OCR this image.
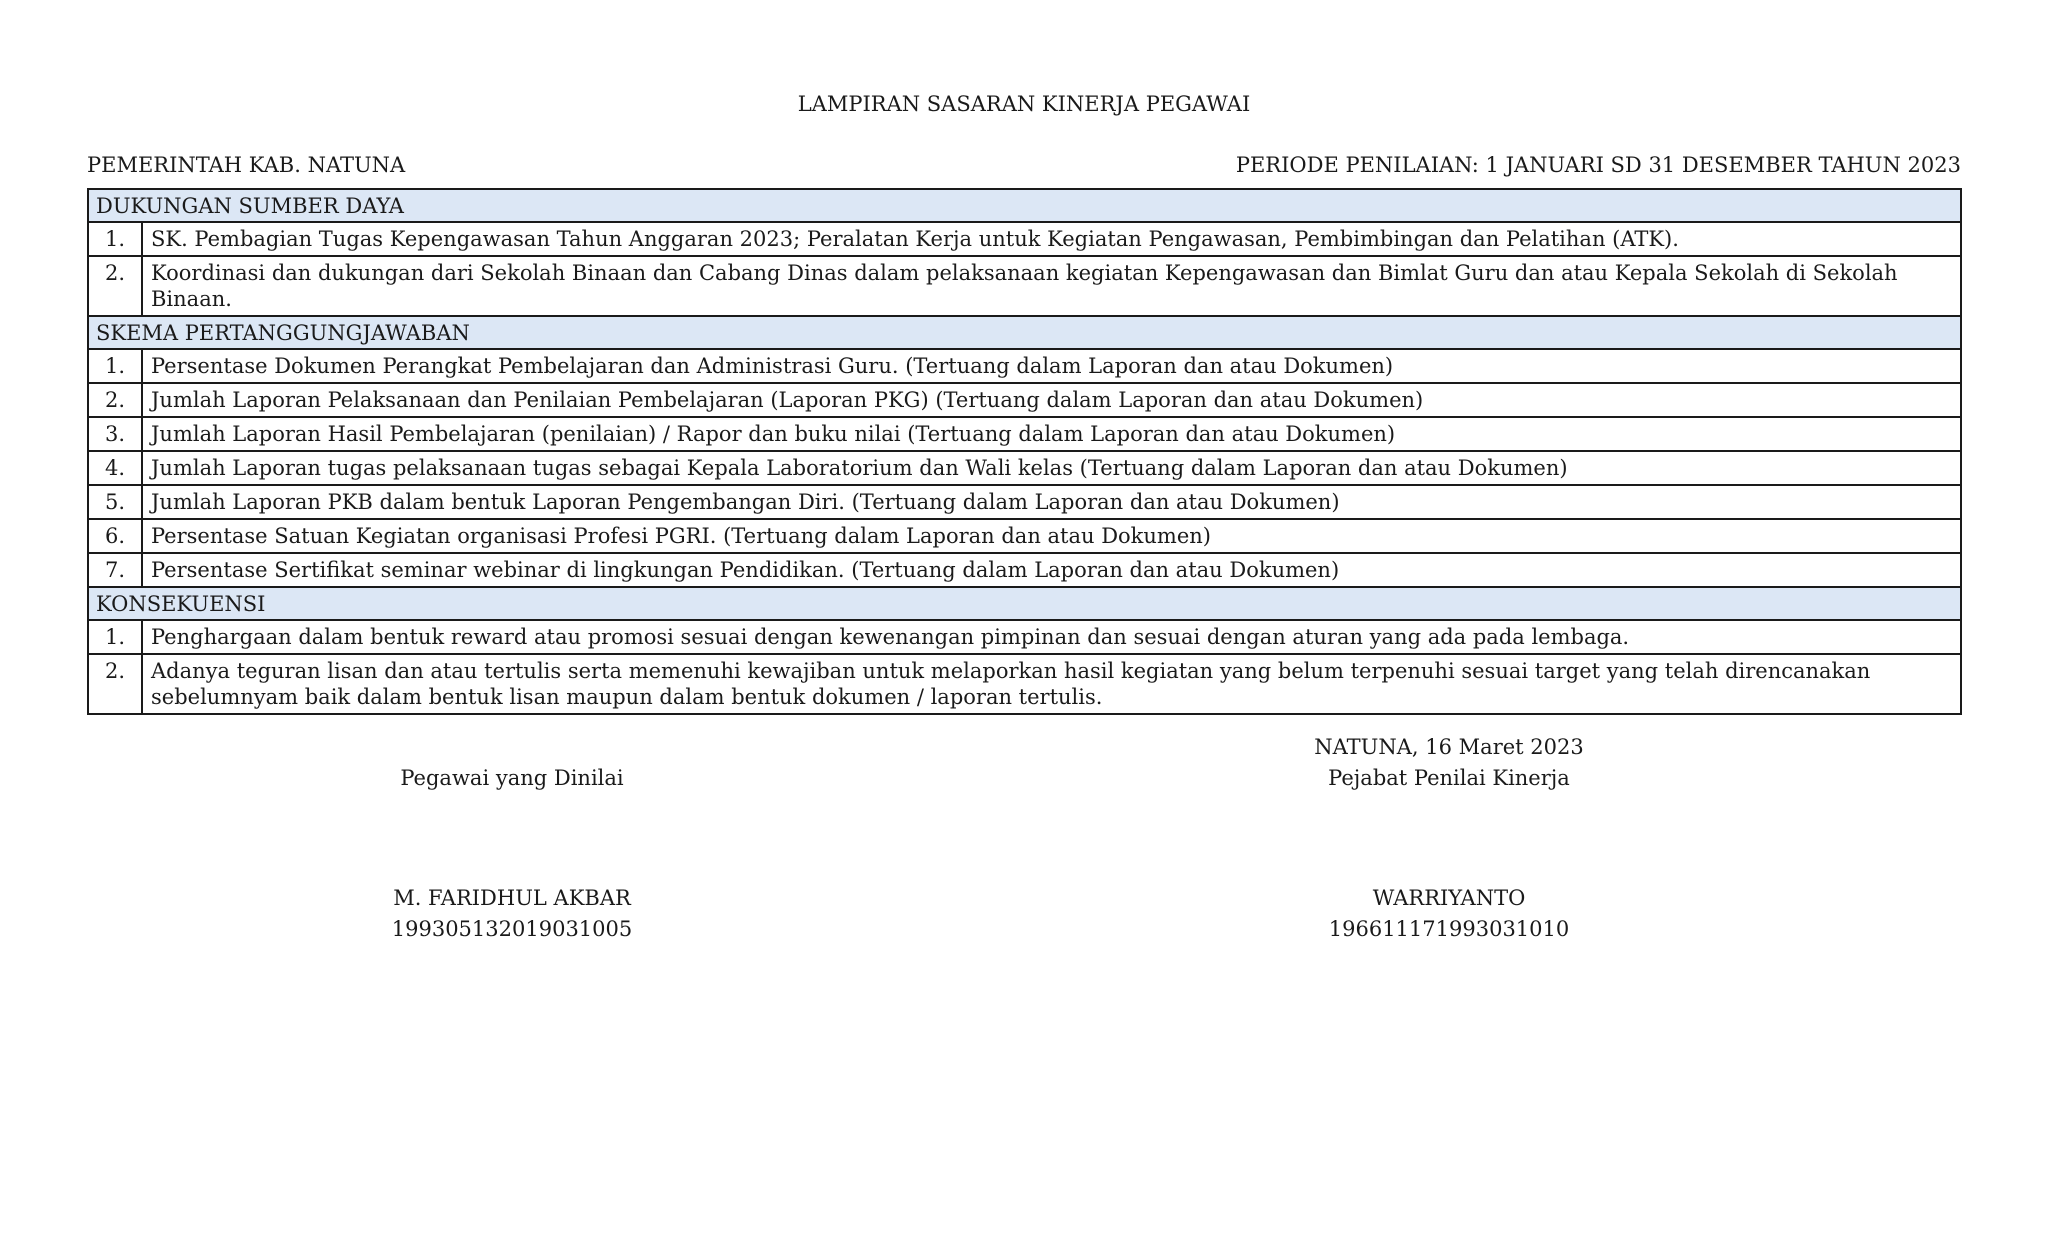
LAMPIRAN SASARAN KINERJA PEGAWAI
PEMERINTAH KAB. NATUNA	PERIODE PENILAIAN: 1 JANUARI SD 31 DESEMBER TAHUN 2023
DUKUNGAN SUMBER DAYA	
1.	SK. Pembagian Tugas Kepengawasan Tahun Anggaran 2023; Peralatan Kerja untuk Kegiatan Pengawasan, Pembimbingan dan Pelatihan (ATK).
2.	Koordinasi dan dukungan dari Sekolah Binaan dan Cabang Dinas dalam pelaksanaan kegiatan Kepengawasan dan Bimlat Guru dan atau Kepala Sekolah di Sekolah Binaan.
SKEMA PERTANGGUNGJAWABAN	
1.	Persentase Dokumen Perangkat Pembelajaran dan Administrasi Guru. (Tertuang dalam Laporan dan atau Dokumen)
2.	Jumlah Laporan Pelaksanaan dan Penilaian Pembelajaran (Laporan PKG) (Tertuang dalam Laporan dan atau Dokumen)
3.	Jumlah Laporan Hasil Pembelajaran (penilaian) / Rapor dan buku nilai (Tertuang dalam Laporan dan atau Dokumen)
4.	Jumlah Laporan tugas pelaksanaan tugas sebagai Kepala Laboratorium dan Wali kelas (Tertuang dalam Laporan dan atau Dokumen)
5.	Jumlah Laporan PKB dalam bentuk Laporan Pengembangan Diri. (Tertuang dalam Laporan dan atau Dokumen)
6.	Persentase Satuan Kegiatan organisasi Profesi PGRI. (Tertuang dalam Laporan dan atau Dokumen)
7.	Persentase Sertifikat seminar webinar di lingkungan Pendidikan. (Tertuang dalam Laporan dan atau Dokumen)
KONSEKUENSI	
1.	Penghargaan dalam bentuk reward atau promosi sesuai dengan kewenangan pimpinan dan sesuai dengan aturan yang ada pada lembaga.
2.	Adanya teguran lisan dan atau tertulis serta memenuhi kewajiban untuk melaporkan hasil kegiatan yang belum terpenuhi sesuai target yang telah direncanakan sebelumnyam baik dalam bentuk lisan maupun dalam bentuk dokumen / laporan tertulis.
Pegawai yang Dinilai
M. FARIDHUL AKBAR
199305132019031005
NATUNA, 16 Maret 2023
Pejabat Penilai Kinerja
WARRIYANTO
196611171993031010
